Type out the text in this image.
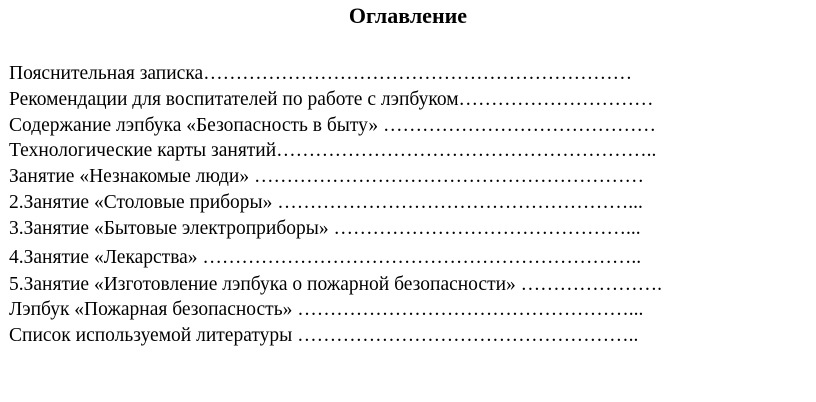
Оглавление
Пояснительная записка…………………………………………………………
Рекомендации для воспитателей по работе с лэпбуком…………………………
Содержание лэпбука «Безопасность в быту» ……………………………………
Технологические карты занятий…………………………………………………..
Занятие «Незнакомые люди» ……………………………………………………
2.Занятие «Столовые приборы» ………………………………………………...
3.Занятие «Бытовые электроприборы» ………………………………………...
4.Занятие «Лекарства» …………………………………………………………..
5.Занятие «Изготовление лэпбука о пожарной безопасности» ………………….
Лэпбук «Пожарная безопасность» ……………………………………………...
Список используемой литературы ……………………………………………..
